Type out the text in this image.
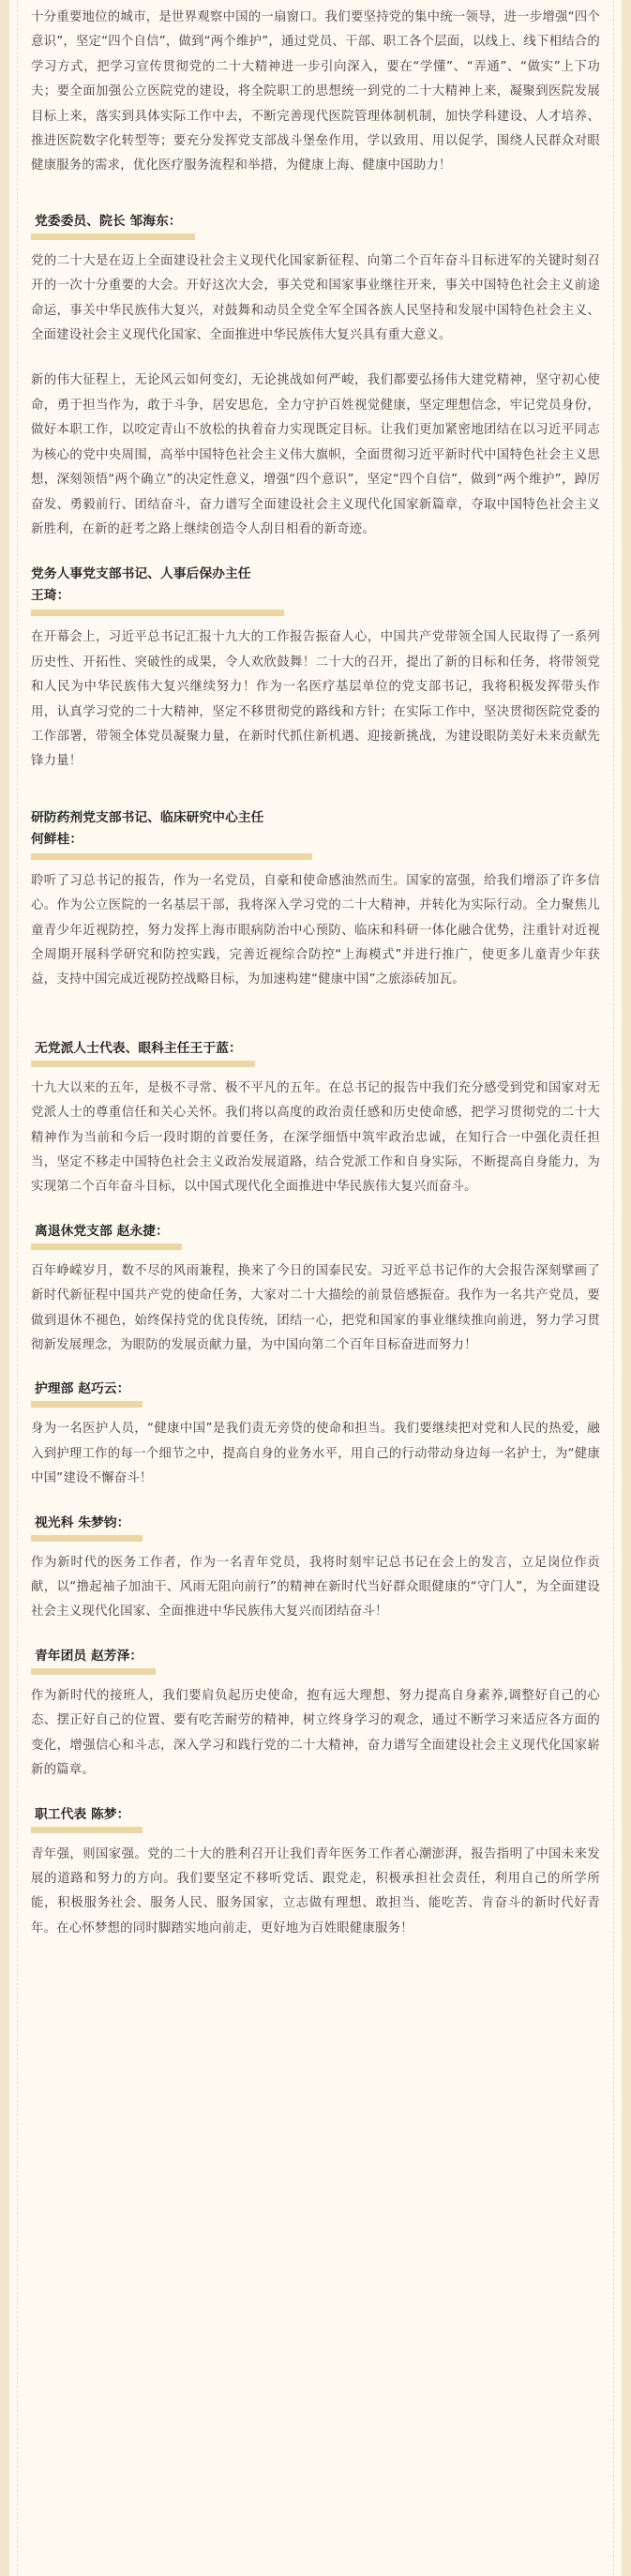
十分重要地位的城市，是世界观察中国的一扇窗口。我们要坚持党的集中统一领导，进一步增强“四个意识”，坚定“四个自信”，做到“两个维护”，通过党员、干部、职工各个层面，以线上、线下相结合的学习方式，把学习宣传贯彻党的二十大精神进一步引向深入，要在“学懂”、“弄通”、“做实”上下功夫；要全面加强公立医院党的建设，将全院职工的思想统一到党的二十大精神上来，凝聚到医院发展目标上来，落实到具体实际工作中去，不断完善现代医院管理体制机制，加快学科建设、人才培养、推进医院数字化转型等；要充分发挥党支部战斗堡垒作用，学以致用、用以促学，围绕人民群众对眼健康服务的需求，优化医疗服务流程和举措，为健康上海、健康中国助力！

党委委员、院长 邹海东：

党的二十大是在迈上全面建设社会主义现代化国家新征程、向第二个百年奋斗目标进军的关键时刻召开的一次十分重要的大会。开好这次大会，事关党和国家事业继往开来，事关中国特色社会主义前途命运，事关中华民族伟大复兴，对鼓舞和动员全党全军全国各族人民坚持和发展中国特色社会主义、全面建设社会主义现代化国家、全面推进中华民族伟大复兴具有重大意义。

新的伟大征程上，无论风云如何变幻，无论挑战如何严峻，我们都要弘扬伟大建党精神，坚守初心使命，勇于担当作为，敢于斗争，居安思危，全力守护百姓视觉健康，坚定理想信念，牢记党员身份，做好本职工作，以咬定青山不放松的执着奋力实现既定目标。让我们更加紧密地团结在以习近平同志为核心的党中央周围，高举中国特色社会主义伟大旗帜，全面贯彻习近平新时代中国特色社会主义思想，深刻领悟“两个确立”的决定性意义，增强“四个意识”，坚定“四个自信”，做到“两个维护”，踔厉奋发、勇毅前行、团结奋斗，奋力谱写全面建设社会主义现代化国家新篇章，夺取中国特色社会主义新胜利，在新的赶考之路上继续创造令人刮目相看的新奇迹。

党务人事党支部书记、人事后保办主任
王琦：

在开幕会上，习近平总书记汇报十九大的工作报告振奋人心，中国共产党带领全国人民取得了一系列历史性、开拓性、突破性的成果，令人欢欣鼓舞！二十大的召开，提出了新的目标和任务，将带领党和人民为中华民族伟大复兴继续努力！作为一名医疗基层单位的党支部书记，我将积极发挥带头作用，认真学习党的二十大精神，坚定不移贯彻党的路线和方针；在实际工作中，坚决贯彻医院党委的工作部署，带领全体党员凝聚力量，在新时代抓住新机遇、迎接新挑战，为建设眼防美好未来贡献先锋力量！

研防药剂党支部书记、临床研究中心主任
何鲜桂：

聆听了习总书记的报告，作为一名党员，自豪和使命感油然而生。国家的富强，给我们增添了许多信心。作为公立医院的一名基层干部，我将深入学习党的二十大精神，并转化为实际行动。全力聚焦儿童青少年近视防控，努力发挥上海市眼病防治中心预防、临床和科研一体化融合优势，注重针对近视全周期开展科学研究和防控实践，完善近视综合防控“上海模式”并进行推广，使更多儿童青少年获益，支持中国完成近视防控战略目标，为加速构建“健康中国”之旅添砖加瓦。

无党派人士代表、眼科主任王于蓝：

十九大以来的五年，是极不寻常、极不平凡的五年。在总书记的报告中我们充分感受到党和国家对无党派人士的尊重信任和关心关怀。我们将以高度的政治责任感和历史使命感，把学习贯彻党的二十大精神作为当前和今后一段时期的首要任务，在深学细悟中筑牢政治忠诚，在知行合一中强化责任担当，坚定不移走中国特色社会主义政治发展道路，结合党派工作和自身实际，不断提高自身能力，为实现第二个百年奋斗目标，以中国式现代化全面推进中华民族伟大复兴而奋斗。

离退休党支部 赵永捷：

百年峥嵘岁月，数不尽的风雨兼程，换来了今日的国泰民安。习近平总书记作的大会报告深刻擘画了新时代新征程中国共产党的使命任务，大家对二十大描绘的前景倍感振奋。我作为一名共产党员，要做到退休不褪色，始终保持党的优良传统，团结一心，把党和国家的事业继续推向前进，努力学习贯彻新发展理念，为眼防的发展贡献力量，为中国向第二个百年目标奋进而努力！

护理部 赵巧云：

身为一名医护人员，“健康中国”是我们责无旁贷的使命和担当。我们要继续把对党和人民的热爱，融入到护理工作的每一个细节之中，提高自身的业务水平，用自己的行动带动身边每一名护士，为“健康中国”建设不懈奋斗！

视光科 朱梦钧：

作为新时代的医务工作者，作为一名青年党员，我将时刻牢记总书记在会上的发言，立足岗位作贡献，以“撸起袖子加油干、风雨无阻向前行”的精神在新时代当好群众眼健康的“守门人”，为全面建设社会主义现代化国家、全面推进中华民族伟大复兴而团结奋斗！

青年团员 赵芳泽：

作为新时代的接班人，我们要肩负起历史使命，抱有远大理想、努力提高自身素养,调整好自己的心态、摆正好自己的位置、要有吃苦耐劳的精神，树立终身学习的观念，通过不断学习来适应各方面的变化，增强信心和斗志，深入学习和践行党的二十大精神，奋力谱写全面建设社会主义现代化国家崭新的篇章。

职工代表 陈梦：

青年强，则国家强。党的二十大的胜利召开让我们青年医务工作者心潮澎湃，报告指明了中国未来发展的道路和努力的方向。我们要坚定不移听党话、跟党走，积极承担社会责任，利用自己的所学所能，积极服务社会、服务人民、服务国家，立志做有理想、敢担当、能吃苦、肯奋斗的新时代好青年。在心怀梦想的同时脚踏实地向前走，更好地为百姓眼健康服务！
